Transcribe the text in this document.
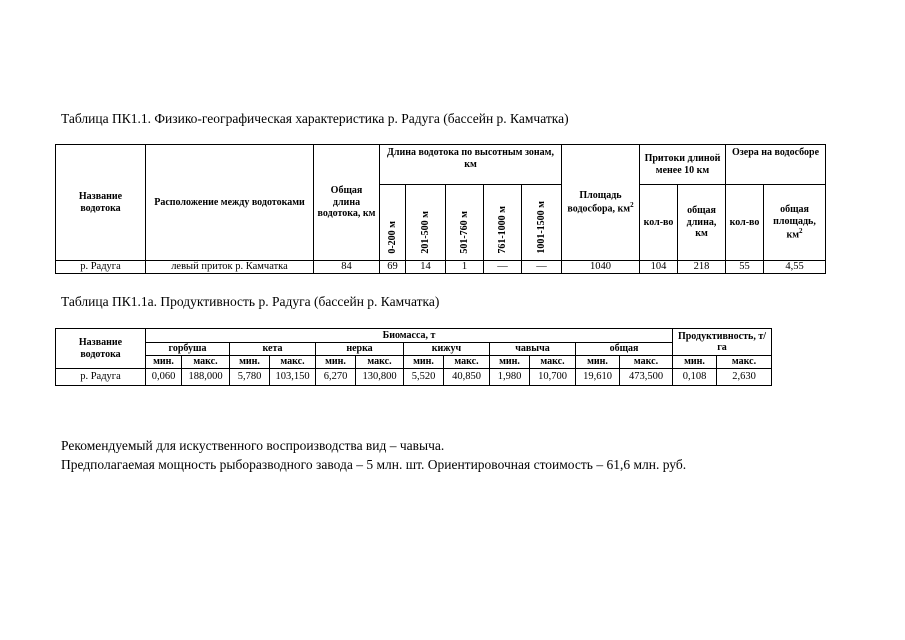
Таблица ПК1.1. Физико-географическая характеристика р. Радуга (бассейн р. Камчатка)
Название водотока	Расположение между водотоками	Общая длина водотока, км	Длина водотока по высотным зонам, км					Площадь водосбора, $км^2$	Притоки длиной менее 10 км		Озера на водосборе	
			0-200 м	201-500 м	501-760 м	761-1000 м	1001-1500 м		кол-во	общая длина, км	кол-во	общая площадь, $км^2$
р. Радуга	левый приток р. Камчатка	84	69	14	1	—	—	1040	104	218	55	4,55
Таблица ПК1.1а. Продуктивность р. Радуга (бассейн р. Камчатка)
Название водотока	Биомасса, т												Продуктивность, т/га	
	горбуша		кета		нерка		кижуч		чавыча		общая			
	мин.	макс.	мин.	макс.	мин.	макс.	мин.	макс.	мин.	макс.	мин.	макс.	мин.	макс.
р. Радуга	0,060	188,000	5,780	103,150	6,270	130,800	5,520	40,850	1,980	10,700	19,610	473,500	0,108	2,630
Рекомендуемый для искуственного воспроизводства вид – чавыча.
Предполагаемая мощность рыборазводного завода – 5 млн. шт. Ориентировочная стоимость – 61,6 млн. руб.
